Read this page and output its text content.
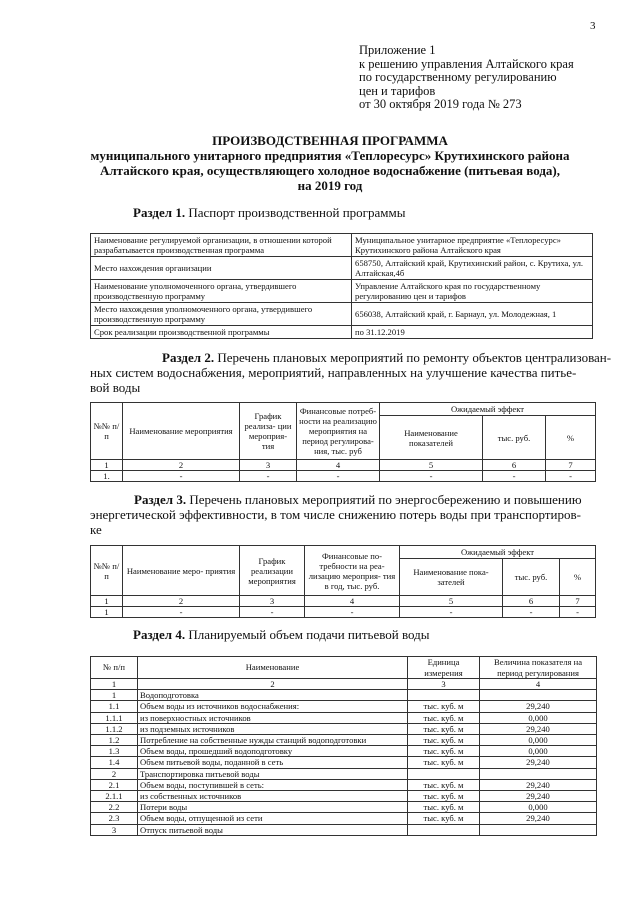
3
Приложение 1
к решению управления Алтайского края
по государственному регулированию
цен и тарифов
от 30 октября 2019 года № 273
ПРОИЗВОДСТВЕННАЯ ПРОГРАММА
муниципального унитарного предприятия «Теплоресурс» Крутихинского района
Алтайского края, осуществляющего холодное водоснабжение (питьевая вода),
на 2019 год
Раздел 1. Паспорт производственной программы
Наименование регулируемой организации, в отношении которой разрабатывается производственная программа	Муниципальное унитарное предприятие «Теплоресурс» Крутихинского района Алтайского края
Место нахождения организации	658750, Алтайский край, Крутихинский район, с. Крутиха, ул. Алтайская,4б
Наименование уполномоченного органа, утвердившего производственную программу	Управление Алтайского края по государственному регулированию цен и тарифов
Место нахождения уполномоченного органа, утвердившего производственную программу	656038, Алтайский край, г. Барнаул, ул. Молодежная, 1
Срок реализации производственной программы	по 31.12.2019
Раздел 2. Перечень плановых мероприятий по ремонту объектов централизован-
ных систем водоснабжения, мероприятий, направленных на улучшение качества питье-
вой воды
№№ п/п	Наименование мероприятия	График реализа- ции мероприя- тия	Финансовые потреб- ности на реализацию мероприятия на период регулирова- ния, тыс. руб	Ожидаемый эффект		
				Наименование показателей	тыс. руб.	%
1	2	3	4	5	6	7
1.	-	-	-	-	-	-
Раздел 3. Перечень плановых мероприятий по энергосбережению и повышению
энергетической эффективности, в том числе снижению потерь воды при транспортиров-
ке
№№ п/п	Наименование меро- приятия	График реализации мероприятия	Финансовые по- требности на реа- лизацию мероприя- тия в год, тыс. руб.	Ожидаемый эффект		
				Наименование пока- зателей	тыс. руб.	%
1	2	3	4	5	6	7
1	-	-	-	-	-	-
Раздел 4. Планируемый объем подачи питьевой воды
№ п/п	Наименование	Единица измерения	Величина показателя на период регулирования
1	2	3	4
1	Водоподготовка		
1.1	Объем воды из источников водоснабжения:	тыс. куб. м	29,240
1.1.1	из поверхностных источников	тыс. куб. м	0,000
1.1.2	из подземных источников	тыс. куб. м	29,240
1.2	Потребление на собственные нужды станций водоподготовки	тыс. куб. м	0,000
1.3	Объем воды, прошедший водоподготовку	тыс. куб. м	0,000
1.4	Объем питьевой воды, поданной в сеть	тыс. куб. м	29,240
2	Транспортировка питьевой воды		
2.1	Объем воды, поступившей в сеть:	тыс. куб. м	29,240
2.1.1	из собственных источников	тыс. куб. м	29,240
2.2	Потери воды	тыс. куб. м	0,000
2.3	Объем воды, отпущенной из сети	тыс. куб. м	29,240
3	Отпуск питьевой воды		
